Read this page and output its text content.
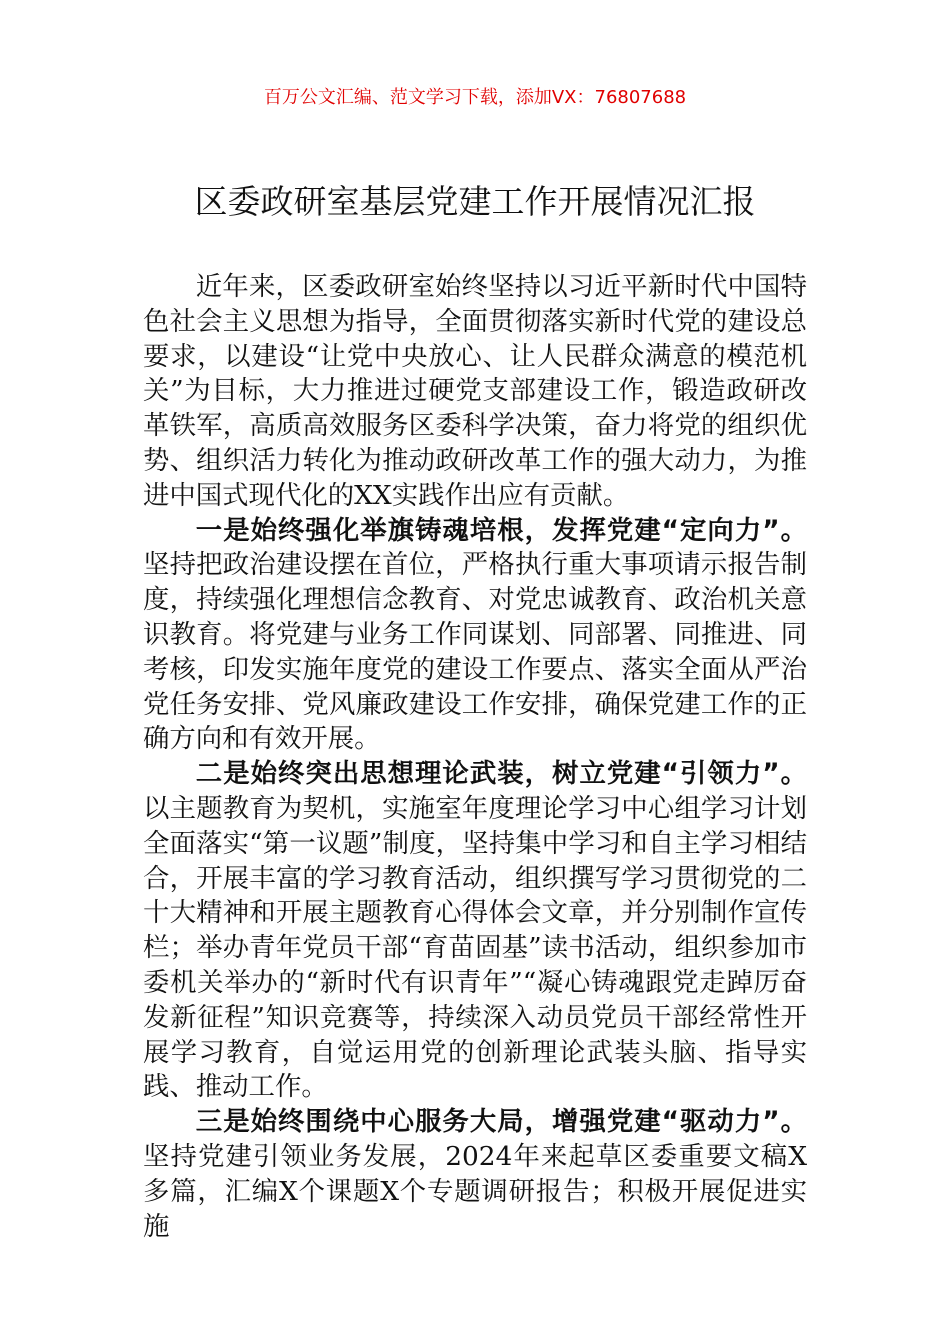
百万公文汇编、范文学习下载，添加VX：76807688
区委政研室基层党建工作开展情况汇报

近年来，区委政研室始终坚持以习近平新时代中国特色社会主义思想为指导，全面贯彻落实新时代党的建设总要求，以建设“让党中央放心、让人民群众满意的模范机关”为目标，大力推进过硬党支部建设工作，锻造政研改革铁军，高质高效服务区委科学决策，奋力将党的组织优势、组织活力转化为推动政研改革工作的强大动力，为推进中国式现代化的XX实践作出应有贡献。

一是始终强化举旗铸魂培根，发挥党建“定向力”。坚持把政治建设摆在首位，严格执行重大事项请示报告制度，持续强化理想信念教育、对党忠诚教育、政治机关意识教育。将党建与业务工作同谋划、同部署、同推进、同考核，印发实施年度党的建设工作要点、落实全面从严治党任务安排、党风廉政建设工作安排，确保党建工作的正确方向和有效开展。

二是始终突出思想理论武装，树立党建“引领力”。以主题教育为契机，实施室年度理论学习中心组学习计划全面落实“第一议题”制度，坚持集中学习和自主学习相结合，开展丰富的学习教育活动，组织撰写学习贯彻党的二十大精神和开展主题教育心得体会文章，并分别制作宣传栏；举办青年党员干部“育苗固基”读书活动，组织参加市委机关举办的“新时代有识青年”“凝心铸魂跟党走踔厉奋发新征程”知识竞赛等，持续深入动员党员干部经常性开展学习教育，自觉运用党的创新理论武装头脑、指导实践、推动工作。

三是始终围绕中心服务大局，增强党建“驱动力”。坚持党建引领业务发展，2024年来起草区委重要文稿X多篇，汇编X个课题X个专题调研报告；积极开展促进实施
